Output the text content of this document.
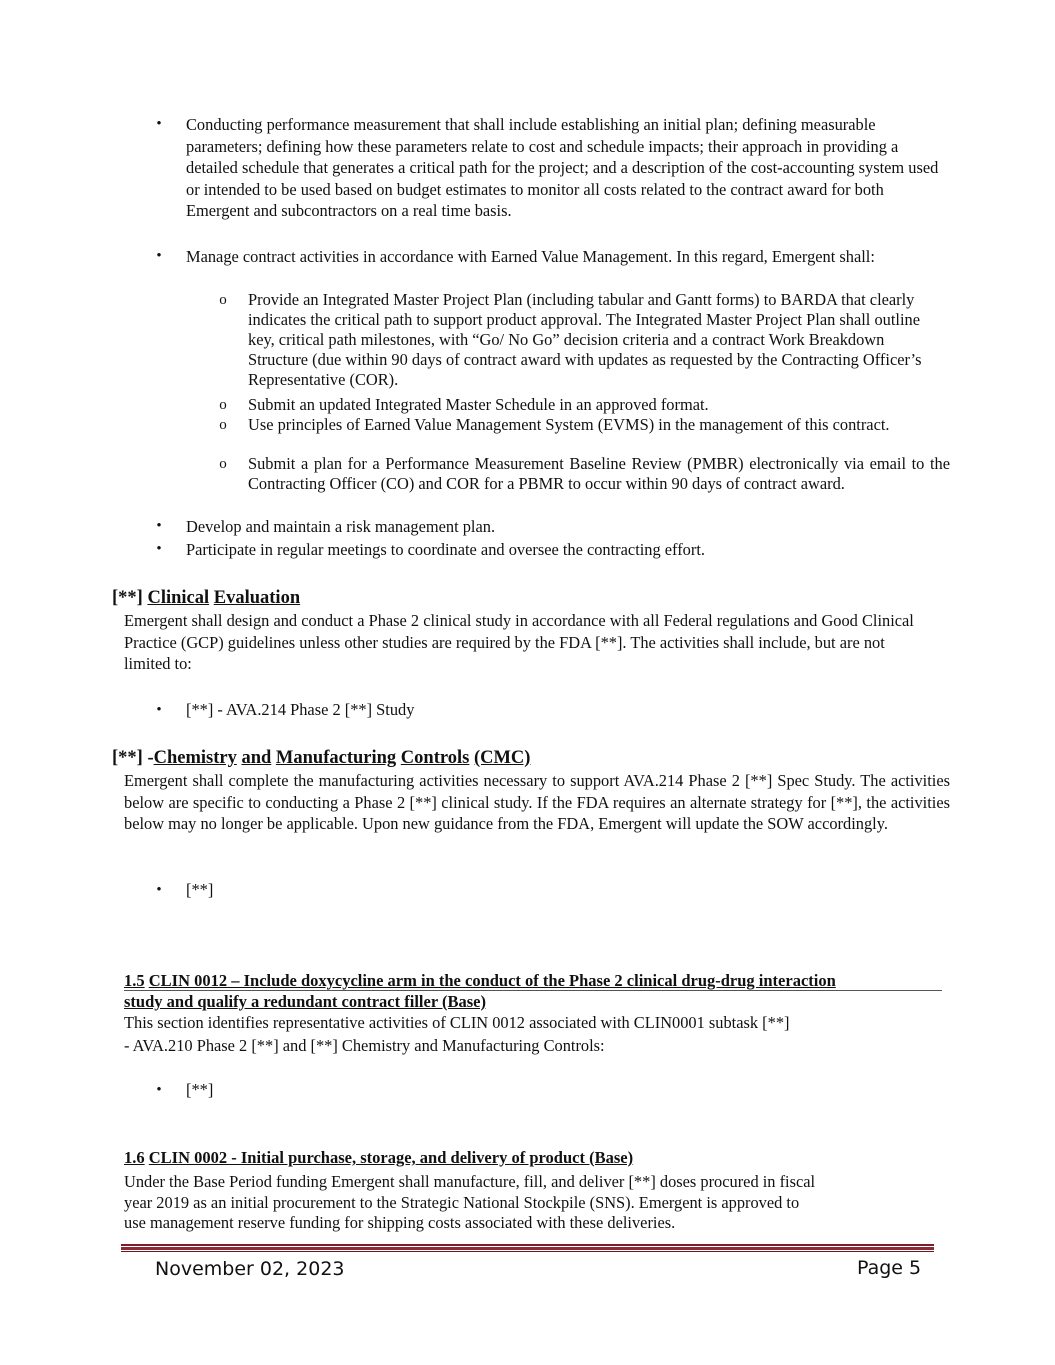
• Conducting performance measurement that shall include establishing an initial plan; defining measurable parameters; defining how these parameters relate to cost and schedule impacts; their approach in providing a detailed schedule that generates a critical path for the project; and a description of the cost-accounting system used or intended to be used based on budget estimates to monitor all costs related to the contract award for both Emergent and subcontractors on a real time basis.
• Manage contract activities in accordance with Earned Value Management. In this regard, Emergent shall:
o Provide an Integrated Master Project Plan (including tabular and Gantt forms) to BARDA that clearly indicates the critical path to support product approval. The Integrated Master Project Plan shall outline key, critical path milestones, with “Go/ No Go” decision criteria and a contract Work Breakdown Structure (due within 90 days of contract award with updates as requested by the Contracting Officer’s Representative (COR).
o Submit an updated Integrated Master Schedule in an approved format.
o Use principles of Earned Value Management System (EVMS) in the management of this contract.
o Submit a plan for a Performance Measurement Baseline Review (PMBR) electronically via email to the Contracting Officer (CO) and COR for a PBMR to occur within 90 days of contract award.
• Develop and maintain a risk management plan.
• Participate in regular meetings to coordinate and oversee the contracting effort.
[**] Clinical Evaluation
Emergent shall design and conduct a Phase 2 clinical study in accordance with all Federal regulations and Good Clinical Practice (GCP) guidelines unless other studies are required by the FDA [**]. The activities shall include, but are not limited to:
• [**] - AVA.214 Phase 2 [**] Study
[**] -Chemistry and Manufacturing Controls (CMC)
Emergent shall complete the manufacturing activities necessary to support AVA.214 Phase 2 [**] Spec Study. The activities below are specific to conducting a Phase 2 [**] clinical study. If the FDA requires an alternate strategy for [**], the activities below may no longer be applicable. Upon new guidance from the FDA, Emergent will update the SOW accordingly.
• [**]
1.5 CLIN 0012 – Include doxycycline arm in the conduct of the Phase 2 clinical drug-drug interaction
study and qualify a redundant contract filler (Base)
This section identifies representative activities of CLIN 0012 associated with CLIN0001 subtask [**]
- AVA.210 Phase 2 [**] and [**] Chemistry and Manufacturing Controls:
• [**]
1.6 CLIN 0002 - Initial purchase, storage, and delivery of product (Base)
Under the Base Period funding Emergent shall manufacture, fill, and deliver [**] doses procured in fiscal
year 2019 as an initial procurement to the Strategic National Stockpile (SNS). Emergent is approved to
use management reserve funding for shipping costs associated with these deliveries.
November 02, 2023	Page 5
